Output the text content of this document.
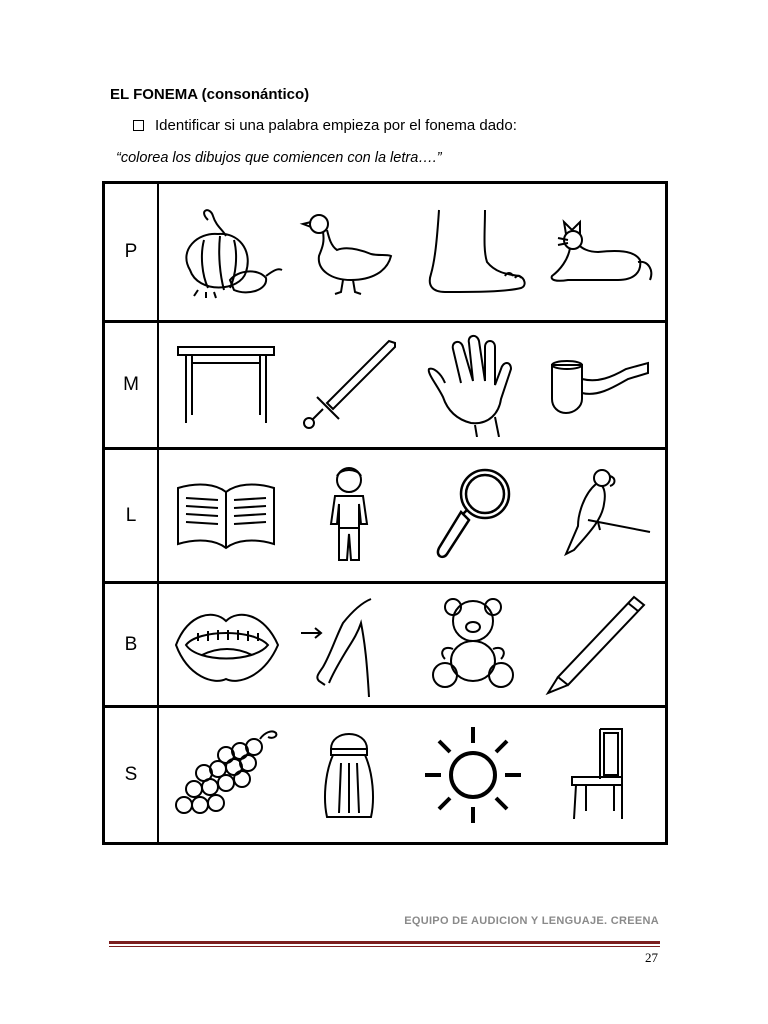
EL FONEMA (consonántico)
Identificar si una palabra empieza por el fonema dado:
“colorea los dibujos que comiencen con la letra….”
P
M
L
B
S
EQUIPO DE AUDICION Y LENGUAJE. CREENA
27
